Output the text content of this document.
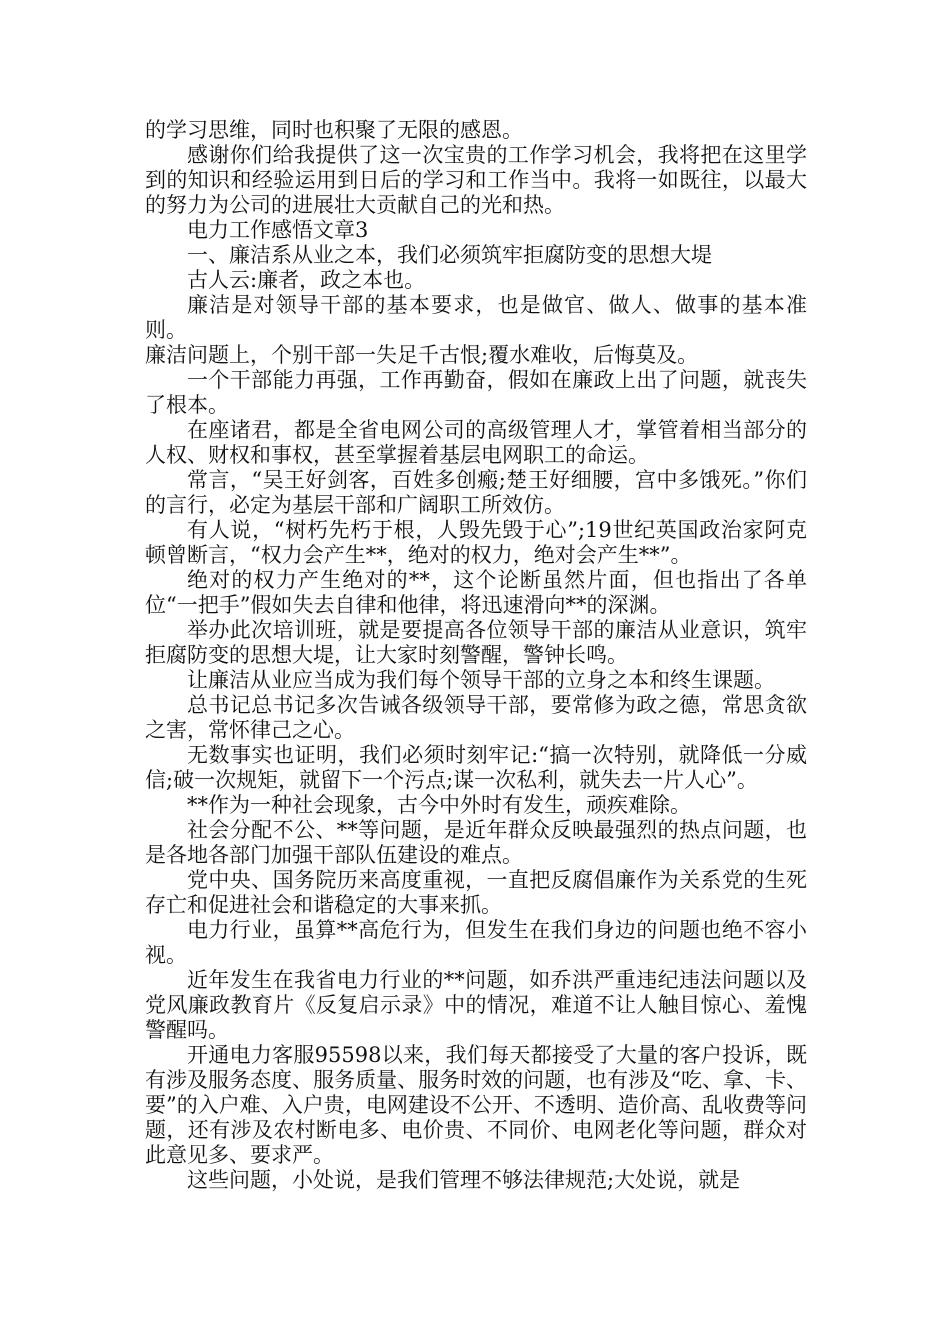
的学习思维，同时也积聚了无限的感恩。

感谢你们给我提供了这一次宝贵的工作学习机会，我将把在这里学到的知识和经验运用到日后的学习和工作当中。我将一如既往，以最大的努力为公司的进展壮大贡献自己的光和热。

电力工作感悟文章3

一、廉洁系从业之本，我们必须筑牢拒腐防变的思想大堤

古人云:廉者，政之本也。

廉洁是对领导干部的基本要求，也是做官、做人、做事的基本准则。

廉洁问题上，个别干部一失足千古恨;覆水难收，后悔莫及。

一个干部能力再强，工作再勤奋，假如在廉政上出了问题，就丧失了根本。

在座诸君，都是全省电网公司的高级管理人才，掌管着相当部分的人权、财权和事权，甚至掌握着基层电网职工的命运。

常言，“吴王好剑客，百姓多创瘢;楚王好细腰，宫中多饿死。”你们的言行，必定为基层干部和广阔职工所效仿。

有人说，“树朽先朽于根，人毁先毁于心”;19世纪英国政治家阿克顿曾断言，“权力会产生**，绝对的权力，绝对会产生**”。

绝对的权力产生绝对的**，这个论断虽然片面，但也指出了各单位“一把手”假如失去自律和他律，将迅速滑向**的深渊。

举办此次培训班，就是要提高各位领导干部的廉洁从业意识，筑牢拒腐防变的思想大堤，让大家时刻警醒，警钟长鸣。

让廉洁从业应当成为我们每个领导干部的立身之本和终生课题。

总书记总书记多次告诫各级领导干部，要常修为政之德，常思贪欲之害，常怀律己之心。

无数事实也证明，我们必须时刻牢记:“搞一次特别，就降低一分威信;破一次规矩，就留下一个污点;谋一次私利，就失去一片人心”。

**作为一种社会现象，古今中外时有发生，顽疾难除。

社会分配不公、**等问题，是近年群众反映最强烈的热点问题，也是各地各部门加强干部队伍建设的难点。

党中央、国务院历来高度重视，一直把反腐倡廉作为关系党的生死存亡和促进社会和谐稳定的大事来抓。

电力行业，虽算**高危行为，但发生在我们身边的问题也绝不容小视。

近年发生在我省电力行业的**问题，如乔洪严重违纪违法问题以及党风廉政教育片《反复启示录》中的情况，难道不让人触目惊心、羞愧警醒吗。

开通电力客服95598以来，我们每天都接受了大量的客户投诉，既有涉及服务态度、服务质量、服务时效的问题，也有涉及“吃、拿、卡、要”的入户难、入户贵，电网建设不公开、不透明、造价高、乱收费等问题，还有涉及农村断电多、电价贵、不同价、电网老化等问题，群众对此意见多、要求严。

这些问题，小处说，是我们管理不够法律规范;大处说，就是
